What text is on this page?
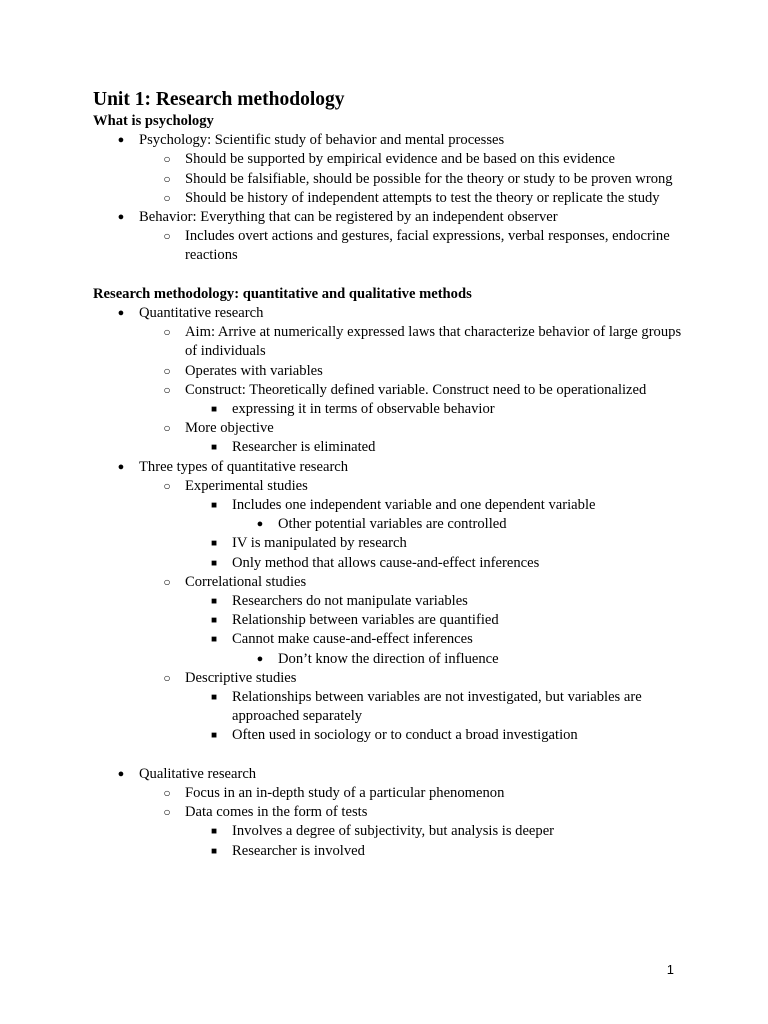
Unit 1: Research methodology
What is psychology
●	Psychology: Scientific study of behavior and mental processes
○ Should be supported by empirical evidence and be based on this evidence
○ Should be falsifiable, should be possible for the theory or study to be proven wrong
○ Should be history of independent attempts to test the theory or replicate the study
●	Behavior: Everything that can be registered by an independent observer
○ Includes overt actions and gestures, facial expressions, verbal responses, endocrine reactions
Research methodology: quantitative and qualitative methods
●	Quantitative research
○ Aim: Arrive at numerically expressed laws that characterize behavior of large groups of individuals
○ Operates with variables
○ Construct: Theoretically defined variable. Construct need to be operationalized
■	expressing it in terms of observable behavior
○ More objective
■	Researcher is eliminated
●	Three types of quantitative research
○ Experimental studies
■	Includes one independent variable and one dependent variable
●	Other potential variables are controlled
■	IV is manipulated by research
■	Only method that allows cause-and-effect inferences
○ Correlational studies
■	Researchers do not manipulate variables
■	Relationship between variables are quantified
■	Cannot make cause-and-effect inferences
●	Don’t know the direction of influence
○ Descriptive studies
■	Relationships between variables are not investigated, but variables are approached separately
■	Often used in sociology or to conduct a broad investigation
●	Qualitative research
○ Focus in an in-depth study of a particular phenomenon
○ Data comes in the form of tests
■	Involves a degree of subjectivity, but analysis is deeper
■	Researcher is involved
1
